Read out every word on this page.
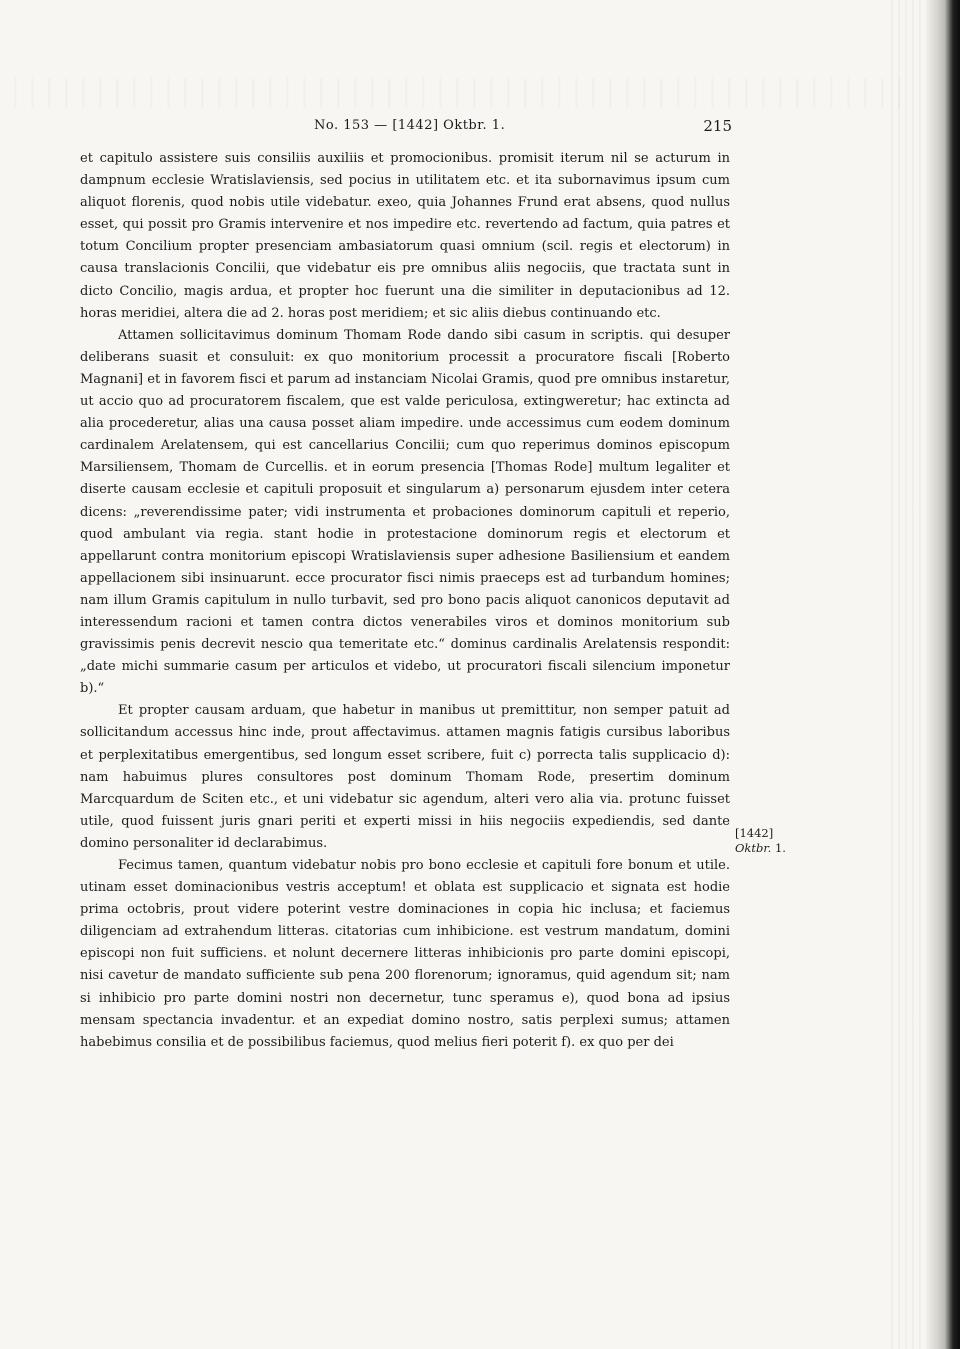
No. 153 — [1442] Oktbr. 1.	215

et capitulo assistere suis consiliis auxiliis et promocionibus. promisit iterum nil se acturum in dampnum ecclesie Wratislaviensis, sed pocius in utilitatem etc. et ita subornavimus ipsum cum aliquot florenis, quod nobis utile videbatur. exeo, quia Johannes Frund erat absens, quod nullus esset, qui possit pro Gramis intervenire et nos impedire etc. revertendo ad factum, quia patres et totum Concilium propter presenciam ambasiatorum quasi omnium (scil. regis et electorum) in causa translacionis Concilii, que videbatur eis pre omnibus aliis negociis, que tractata sunt in dicto Concilio, magis ardua, et propter hoc fuerunt una die similiter in deputacionibus ad 12. horas meridiei, altera die ad 2. horas post meridiem; et sic aliis diebus continuando etc.

Attamen sollicitavimus dominum Thomam Rode dando sibi casum in scriptis. qui desuper deliberans suasit et consuluit: ex quo monitorium processit a procuratore fiscali [Roberto Magnani] et in favorem fisci et parum ad instanciam Nicolai Gramis, quod pre omnibus instaretur, ut accio quo ad procuratorem fiscalem, que est valde periculosa, extingweretur; hac extincta ad alia procederetur, alias una causa posset aliam impedire. unde accessimus cum eodem dominum cardinalem Arelatensem, qui est cancellarius Concilii; cum quo reperimus dominos episcopum Marsiliensem, Thomam de Curcellis. et in eorum presencia [Thomas Rode] multum legaliter et diserte causam ecclesie et capituli proposuit et singularum a) personarum ejusdem inter cetera dicens: „reverendissime pater; vidi instrumenta et probaciones dominorum capituli et reperio, quod ambulant via regia. stant hodie in protestacione dominorum regis et electorum et appellarunt contra monitorium episcopi Wratislaviensis super adhesione Basiliensium et eandem appellacionem sibi insinuarunt. ecce procurator fisci nimis praeceps est ad turbandum homines; nam illum Gramis capitulum in nullo turbavit, sed pro bono pacis aliquot canonicos deputavit ad interessendum racioni et tamen contra dictos venerabiles viros et dominos monitorium sub gravissimis penis decrevit nescio qua temeritate etc.“ dominus cardinalis Arelatensis respondit: „date michi summarie casum per articulos et videbo, ut procuratori fiscali silencium imponetur b).“

Et propter causam arduam, que habetur in manibus ut premittitur, non semper patuit ad sollicitandum accessus hinc inde, prout affectavimus. attamen magnis fatigis cursibus laboribus et perplexitatibus emergentibus, sed longum esset scribere, fuit c) porrecta talis supplicacio d): nam habuimus plures consultores post dominum Thomam Rode, presertim dominum Marcquardum de Sciten etc., et uni videbatur sic agendum, alteri vero alia via. protunc fuisset utile, quod fuissent juris gnari periti et experti missi in hiis negociis expediendis, sed dante domino personaliter id declarabimus.

Fecimus tamen, quantum videbatur nobis pro bono ecclesie et capituli fore bonum et utile. utinam esset dominacionibus vestris acceptum! et oblata est supplicacio et signata est hodie prima octobris, prout videre poterint vestre dominaciones in copia hic inclusa; et faciemus diligenciam ad extrahendum litteras. citatorias cum inhibicione. est vestrum mandatum, domini episcopi non fuit sufficiens. et nolunt decernere litteras inhibicionis pro parte domini episcopi, nisi cavetur de mandato sufficiente sub pena 200 florenorum; ignoramus, quid agendum sit; nam si inhibicio pro parte domini nostri non decernetur, tunc speramus e), quod bona ad ipsius mensam spectancia invadentur. et an expediat domino nostro, satis perplexi sumus; attamen habebimus consilia et de possibilibus faciemus, quod melius fieri poterit f). ex quo per dei

[1442]
Oktbr. 1.
